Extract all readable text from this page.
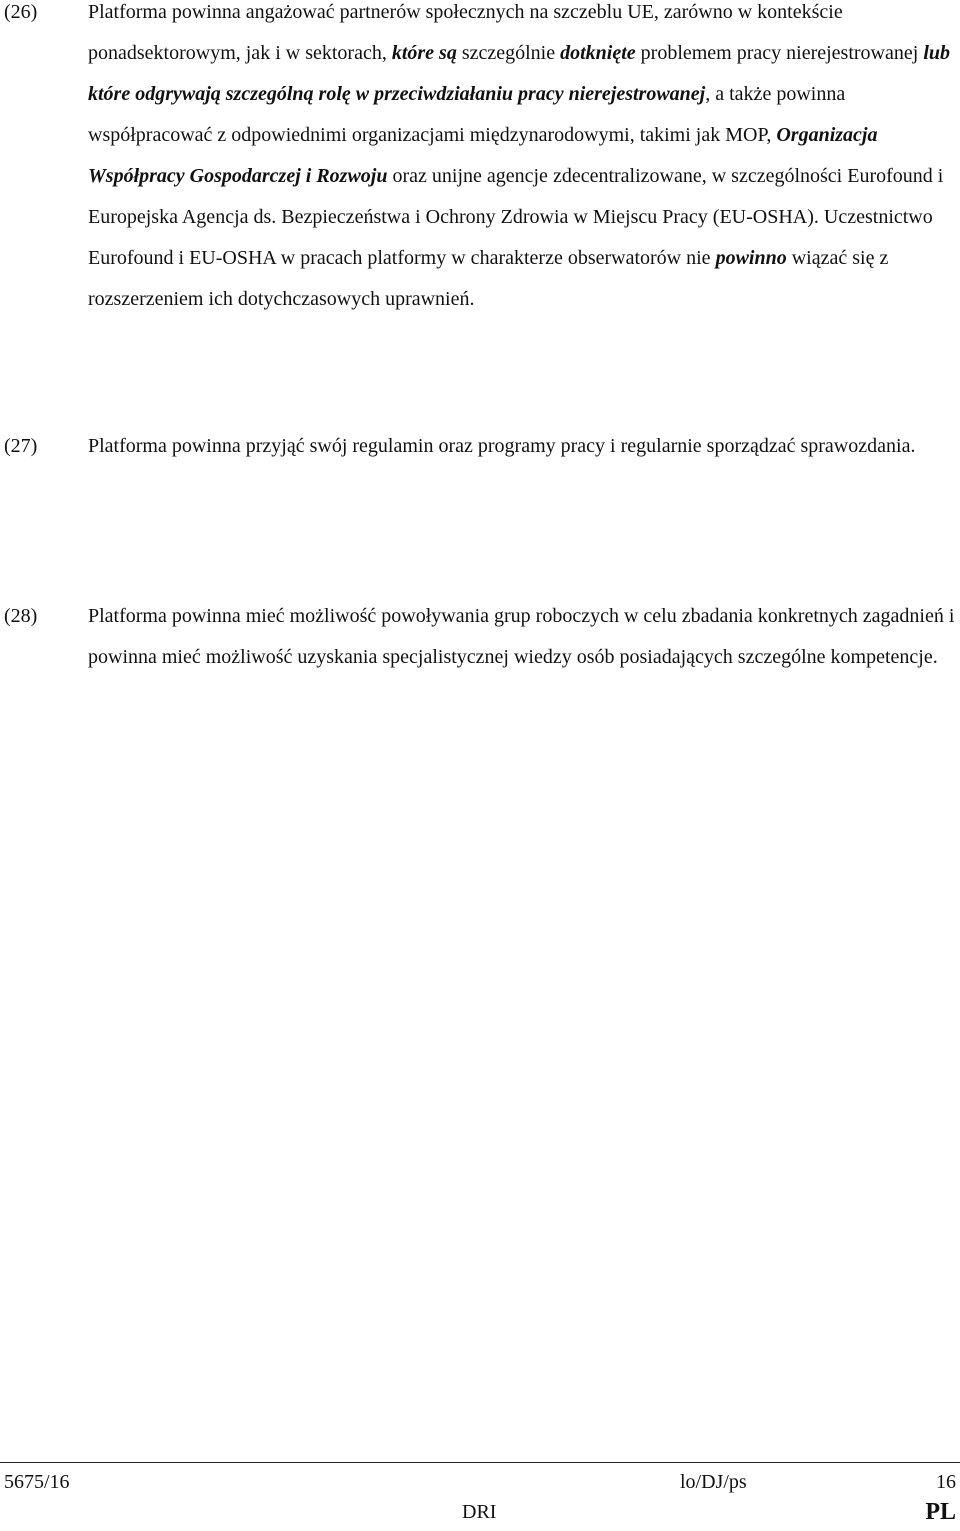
(26)	Platforma powinna angażować partnerów społecznych na szczeblu UE, zarówno w kontekście ponadsektorowym, jak i w sektorach, które są szczególnie dotknięte problemem pracy nierejestrowanej lub które odgrywają szczególną rolę w przeciwdziałaniu pracy nierejestrowanej, a także powinna współpracować z odpowiednimi organizacjami międzynarodowymi, takimi jak MOP, Organizacja Współpracy Gospodarczej i Rozwoju oraz unijne agencje zdecentralizowane, w szczególności Eurofound i Europejska Agencja ds. Bezpieczeństwa i Ochrony Zdrowia w Miejscu Pracy (EU-OSHA). Uczestnictwo Eurofound i EU-OSHA w pracach platformy w charakterze obserwatorów nie powinno wiązać się z rozszerzeniem ich dotychczasowych uprawnień.
(27)	Platforma powinna przyjąć swój regulamin oraz programy pracy i regularnie sporządzać sprawozdania.
(28)	Platforma powinna mieć możliwość powoływania grup roboczych w celu zbadania konkretnych zagadnień i powinna mieć możliwość uzyskania specjalistycznej wiedzy osób posiadających szczególne kompetencje.
5675/16	lo/DJ/ps	16
DRI	PL
